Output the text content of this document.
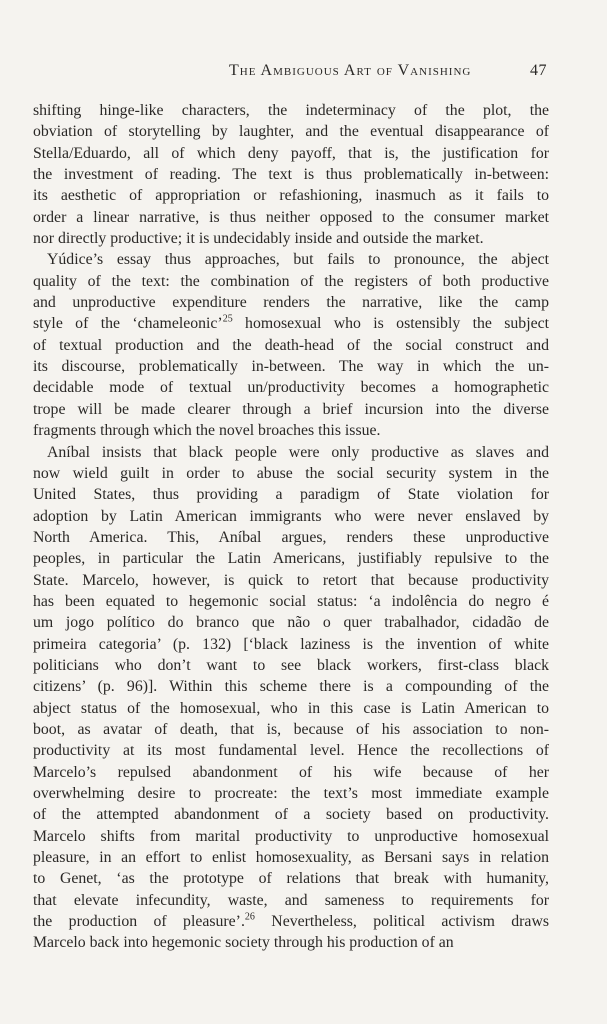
The Ambiguous Art of Vanishing	47
shifting hinge-like characters, the indeterminacy of the plot, the
obviation of storytelling by laughter, and the eventual disappearance of
Stella/Eduardo, all of which deny payoff, that is, the justification for
the investment of reading. The text is thus problematically in-between:
its aesthetic of appropriation or refashioning, inasmuch as it fails to
order a linear narrative, is thus neither opposed to the consumer market
nor directly productive; it is undecidably inside and outside the market.
Yúdice’s essay thus approaches, but fails to pronounce, the abject
quality of the text: the combination of the registers of both productive
and unproductive expenditure renders the narrative, like the camp
style of the ‘chameleonic’$^{25}$ homosexual who is ostensibly the subject
of textual production and the death-head of the social construct and
its discourse, problematically in-between. The way in which the un-
decidable mode of textual un/productivity becomes a homographetic
trope will be made clearer through a brief incursion into the diverse
fragments through which the novel broaches this issue.
Aníbal insists that black people were only productive as slaves and
now wield guilt in order to abuse the social security system in the
United States, thus providing a paradigm of State violation for
adoption by Latin American immigrants who were never enslaved by
North America. This, Aníbal argues, renders these unproductive
peoples, in particular the Latin Americans, justifiably repulsive to the
State. Marcelo, however, is quick to retort that because productivity
has been equated to hegemonic social status: ‘a indolência do negro é
um jogo político do branco que não o quer trabalhador, cidadão de
primeira categoria’ (p. 132) [‘black laziness is the invention of white
politicians who don’t want to see black workers, first-class black
citizens’ (p. 96)]. Within this scheme there is a compounding of the
abject status of the homosexual, who in this case is Latin American to
boot, as avatar of death, that is, because of his association to non-
productivity at its most fundamental level. Hence the recollections of
Marcelo’s repulsed abandonment of his wife because of her
overwhelming desire to procreate: the text’s most immediate example
of the attempted abandonment of a society based on productivity.
Marcelo shifts from marital productivity to unproductive homosexual
pleasure, in an effort to enlist homosexuality, as Bersani says in relation
to Genet, ‘as the prototype of relations that break with humanity,
that elevate infecundity, waste, and sameness to requirements for
the production of pleasure’.$^{26}$ Nevertheless, political activism draws
Marcelo back into hegemonic society through his production of an
